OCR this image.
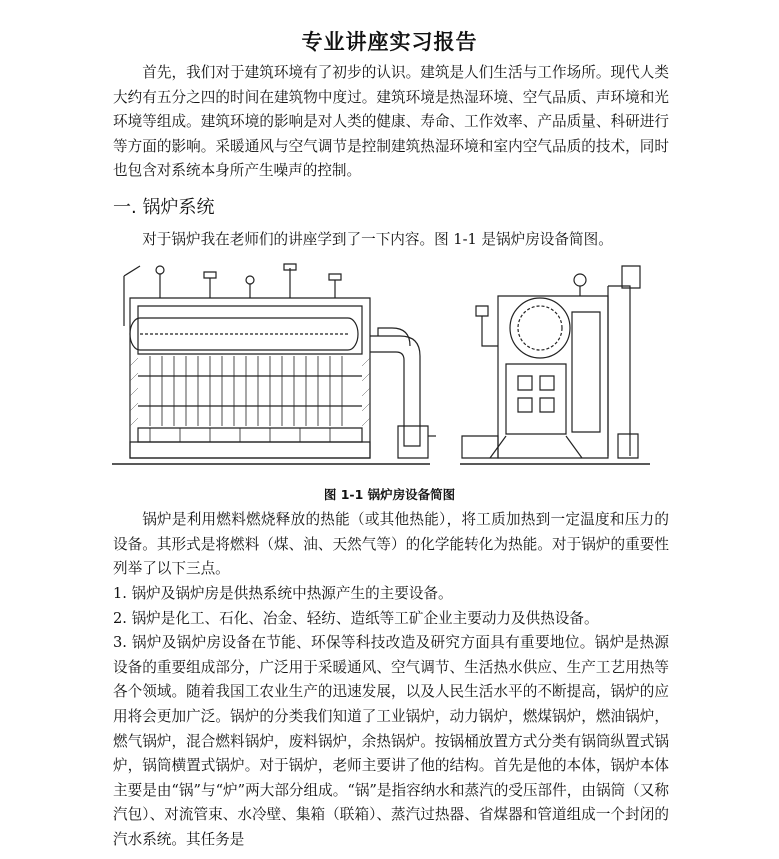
专业讲座实习报告

首先，我们对于建筑环境有了初步的认识。建筑是人们生活与工作场所。现代人类大约有五分之四的时间在建筑物中度过。建筑环境是热湿环境、空气品质、声环境和光环境等组成。建筑环境的影响是对人类的健康、寿命、工作效率、产品质量、科研进行等方面的影响。采暖通风与空气调节是控制建筑热湿环境和室内空气品质的技术，同时也包含对系统本身所产生噪声的控制。

一. 锅炉系统

对于锅炉我在老师们的讲座学到了一下内容。图 1-1 是锅炉房设备简图。

图 1-1 锅炉房设备简图

锅炉是利用燃料燃烧释放的热能（或其他热能），将工质加热到一定温度和压力的设备。其形式是将燃料（煤、油、天然气等）的化学能转化为热能。对于锅炉的重要性列举了以下三点。

1. 锅炉及锅炉房是供热系统中热源产生的主要设备。
2. 锅炉是化工、石化、冶金、轻纺、造纸等工矿企业主要动力及供热设备。
3. 锅炉及锅炉房设备在节能、环保等科技改造及研究方面具有重要地位。锅炉是热源设备的重要组成部分，广泛用于采暖通风、空气调节、生活热水供应、生产工艺用热等各个领域。随着我国工农业生产的迅速发展，以及人民生活水平的不断提高，锅炉的应用将会更加广泛。锅炉的分类我们知道了工业锅炉，动力锅炉，燃煤锅炉，燃油锅炉，燃气锅炉，混合燃料锅炉，废料锅炉，余热锅炉。按锅桶放置方式分类有锅筒纵置式锅炉，锅筒横置式锅炉。对于锅炉，老师主要讲了他的结构。首先是他的本体，锅炉本体主要是由“锅”与“炉”两大部分组成。“锅”是指容纳水和蒸汽的受压部件，由锅筒（又称汽包）、对流管束、水冷壁、集箱（联箱）、蒸汽过热器、省煤器和管道组成一个封闭的汽水系统。其任务是
